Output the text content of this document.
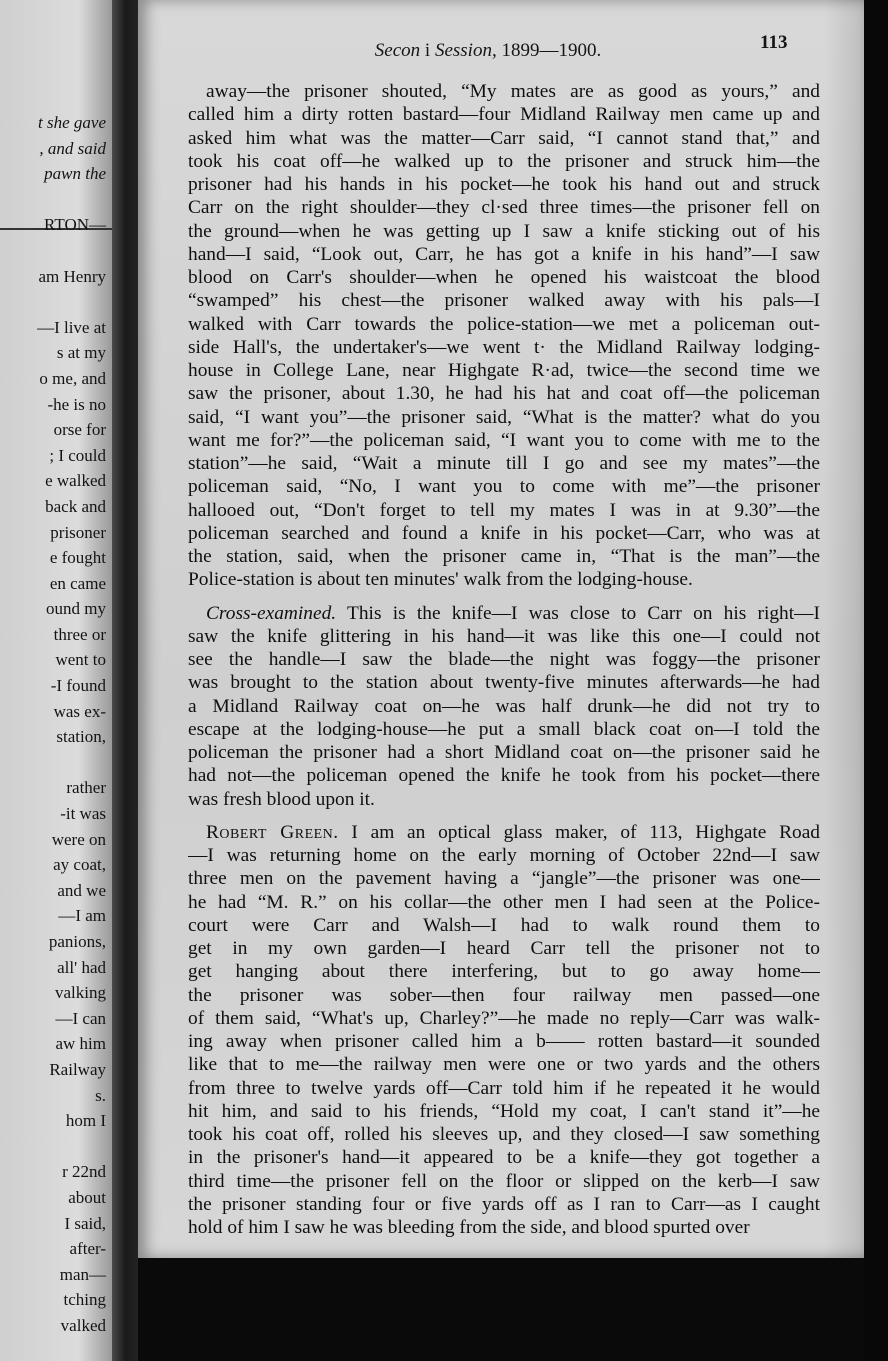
t she gave
, and said
pawn the

RTON—

am Henry

—I live at
s at my
o me, and
-he is no
orse for
; I could
e walked
back and
prisoner
e fought
en came
ound my
three or
went to
-I found
was ex-
station,

rather
-it was
were on
ay coat,
and we
—I am
panions,
all' had
valking
—I can
aw him
Railway
s.
hom I

r 22nd
about
I said,
after-
man—
tching
valked
Secon i Session, 1899—1900.	113
away—the prisoner shouted, “My mates are as good as yours,” and
called him a dirty rotten bastard—four Midland Railway men came up and
asked him what was the matter—Carr said, “I cannot stand that,” and
took his coat off—he walked up to the prisoner and struck him—the
prisoner had his hands in his pocket—he took his hand out and struck
Carr on the right shoulder—they cl·sed three times—the prisoner fell on
the ground—when he was getting up I saw a knife sticking out of his
hand—I said, “Look out, Carr, he has got a knife in his hand”—I saw
blood on Carr's shoulder—when he opened his waistcoat the blood
“swamped” his chest—the prisoner walked away with his pals—I
walked with Carr towards the police-station—we met a policeman out-
side Hall's, the undertaker's—we went t· the Midland Railway lodging-
house in College Lane, near Highgate R·ad, twice—the second time we
saw the prisoner, about 1.30, he had his hat and coat off—the policeman
said, “I want you”—the prisoner said, “What is the matter? what do you
want me for?”—the policeman said, “I want you to come with me to the
station”—he said, “Wait a minute till I go and see my mates”—the
policeman said, “No, I want you to come with me”—the prisoner
hallooed out, “Don't forget to tell my mates I was in at 9.30”—the
policeman searched and found a knife in his pocket—Carr, who was at
the station, said, when the prisoner came in, “That is the man”—the
Police-station is about ten minutes' walk from the lodging-house.
Cross-examined. This is the knife—I was close to Carr on his right—I
saw the knife glittering in his hand—it was like this one—I could not
see the handle—I saw the blade—the night was foggy—the prisoner
was brought to the station about twenty-five minutes afterwards—he had
a Midland Railway coat on—he was half drunk—he did not try to
escape at the lodging-house—he put a small black coat on—I told the
policeman the prisoner had a short Midland coat on—the prisoner said he
had not—the policeman opened the knife he took from his pocket—there
was fresh blood upon it.
Robert Green. I am an optical glass maker, of 113, Highgate Road
—I was returning home on the early morning of October 22nd—I saw
three men on the pavement having a “jangle”—the prisoner was one—
he had “M. R.” on his collar—the other men I had seen at the Police-
court were Carr and Walsh—I had to walk round them to
get in my own garden—I heard Carr tell the prisoner not to
get hanging about there interfering, but to go away home—
the prisoner was sober—then four railway men passed—one
of them said, “What's up, Charley?”—he made no reply—Carr was walk-
ing away when prisoner called him a b—— rotten bastard—it sounded
like that to me—the railway men were one or two yards and the others
from three to twelve yards off—Carr told him if he repeated it he would
hit him, and said to his friends, “Hold my coat, I can't stand it”—he
took his coat off, rolled his sleeves up, and they closed—I saw something
in the prisoner's hand—it appeared to be a knife—they got together a
third time—the prisoner fell on the floor or slipped on the kerb—I saw
the prisoner standing four or five yards off as I ran to Carr—as I caught
hold of him I saw he was bleeding from the side, and blood spurted over
